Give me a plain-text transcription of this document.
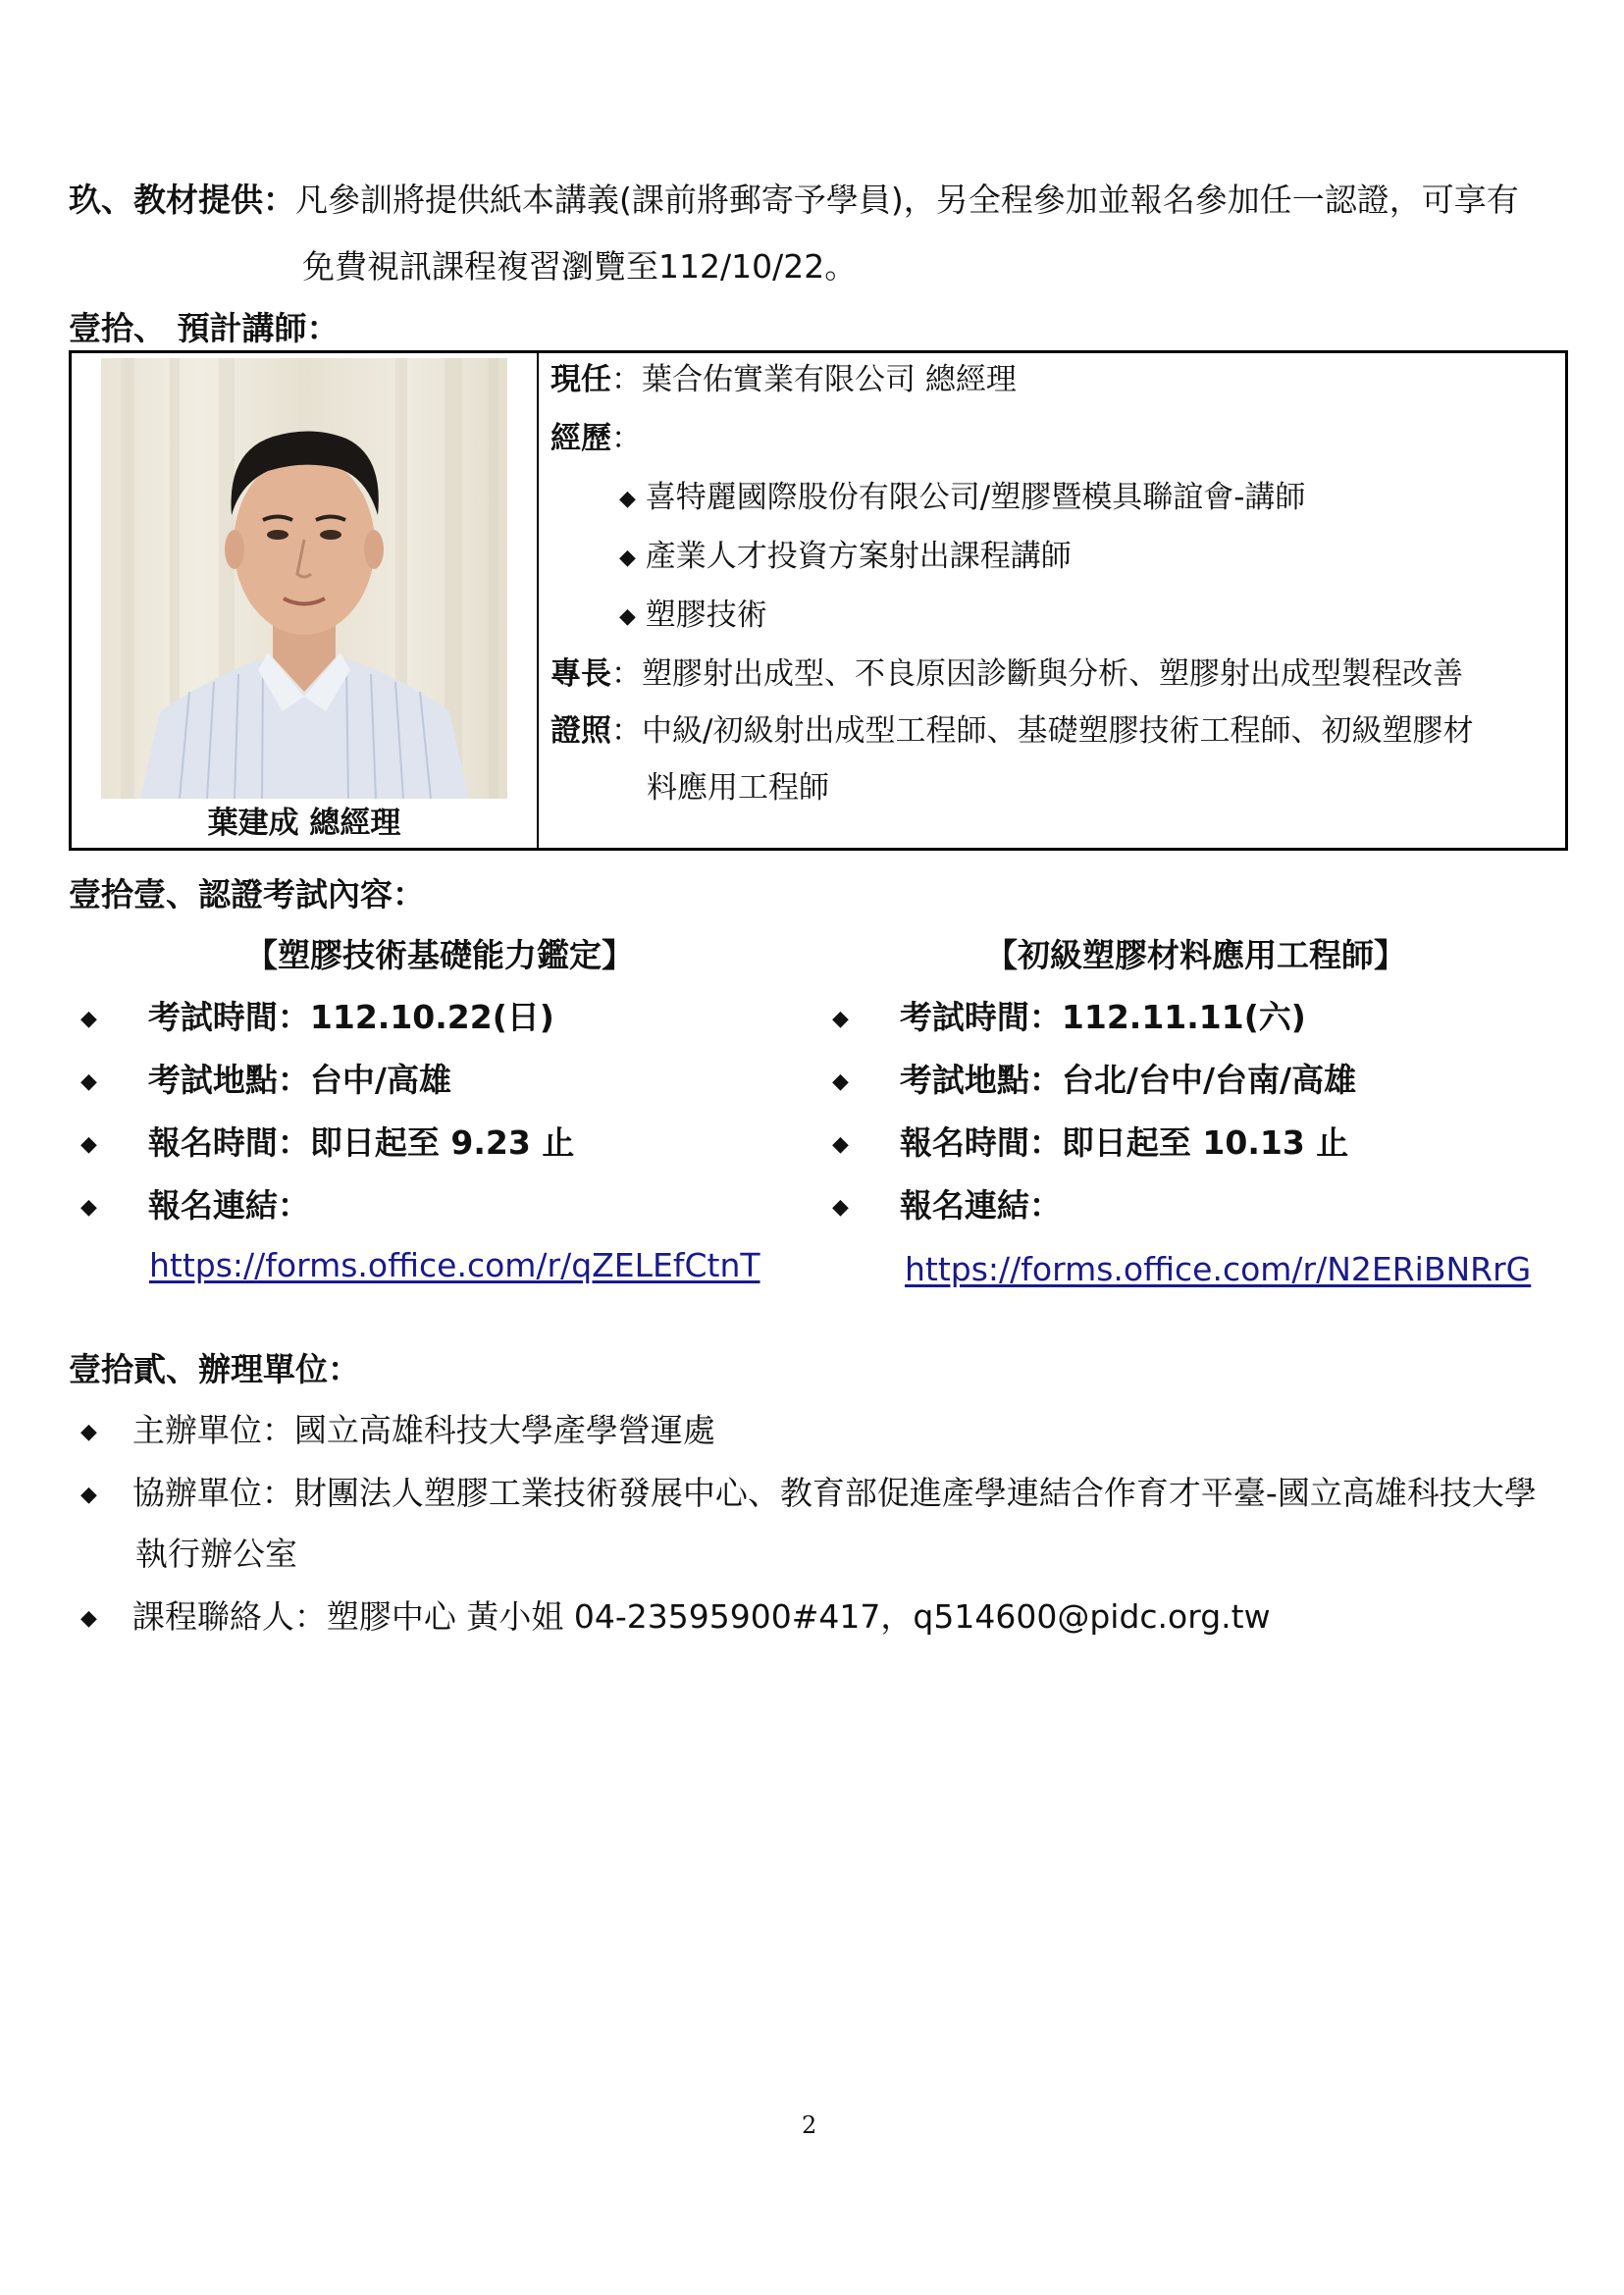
玖、教材提供：凡參訓將提供紙本講義(課前將郵寄予學員)，另全程參加並報名參加任一認證，可享有
免費視訊課程複習瀏覽至112/10/22。
壹拾、 預計講師：
葉建成 總經理
現任：葉合佑實業有限公司 總經理
經歷：
◆ 喜特麗國際股份有限公司/塑膠暨模具聯誼會-講師
◆ 產業人才投資方案射出課程講師
◆ 塑膠技術
專長：塑膠射出成型、不良原因診斷與分析、塑膠射出成型製程改善
證照：中級/初級射出成型工程師、基礎塑膠技術工程師、初級塑膠材
料應用工程師
壹拾壹、認證考試內容：
【塑膠技術基礎能力鑑定】
◆ 考試時間：112.10.22(日)
◆ 考試地點：台中/高雄
◆ 報名時間：即日起至 9.23 止
◆ 報名連結：
https://forms.office.com/r/qZELEfCtnT
【初級塑膠材料應用工程師】
◆ 考試時間：112.11.11(六)
◆ 考試地點：台北/台中/台南/高雄
◆ 報名時間：即日起至 10.13 止
◆ 報名連結：
https://forms.office.com/r/N2ERiBNRrG
壹拾貳、辦理單位：
◆ 主辦單位：國立高雄科技大學產學營運處
◆ 協辦單位：財團法人塑膠工業技術發展中心、教育部促進產學連結合作育才平臺-國立高雄科技大學
執行辦公室
◆ 課程聯絡人：塑膠中心 黃小姐 04-23595900#417，q514600@pidc.org.tw
2
